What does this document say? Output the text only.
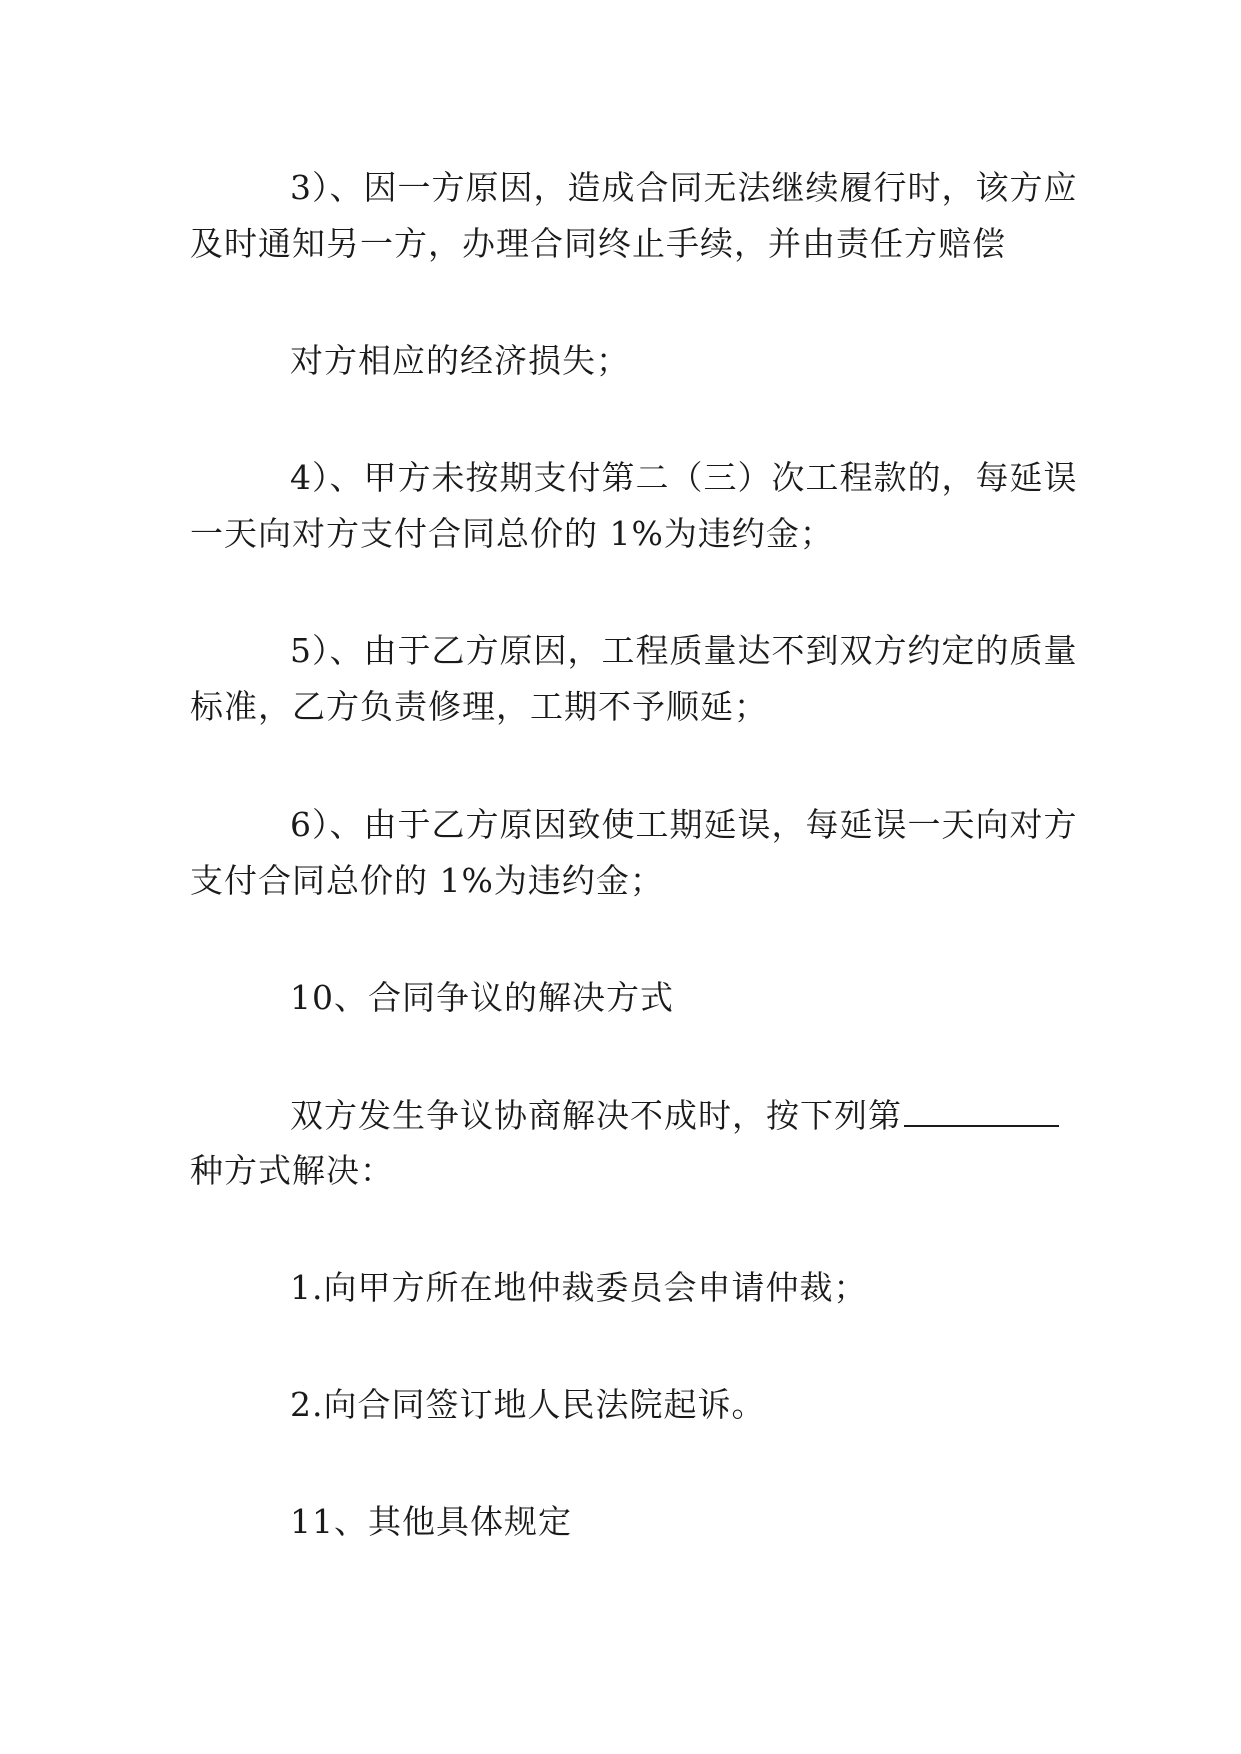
3）、因一方原因，造成合同无法继续履行时，该方应
及时通知另一方，办理合同终止手续，并由责任方赔偿
对方相应的经济损失；
4）、甲方未按期支付第二（三）次工程款的，每延误
一天向对方支付合同总价的 1%为违约金；
5）、由于乙方原因，工程质量达不到双方约定的质量
标准，乙方负责修理，工期不予顺延；
6）、由于乙方原因致使工期延误，每延误一天向对方
支付合同总价的 1%为违约金；
10、合同争议的解决方式
双方发生争议协商解决不成时，按下列第
种方式解决：
1.向甲方所在地仲裁委员会申请仲裁；
2.向合同签订地人民法院起诉。
11、其他具体规定
